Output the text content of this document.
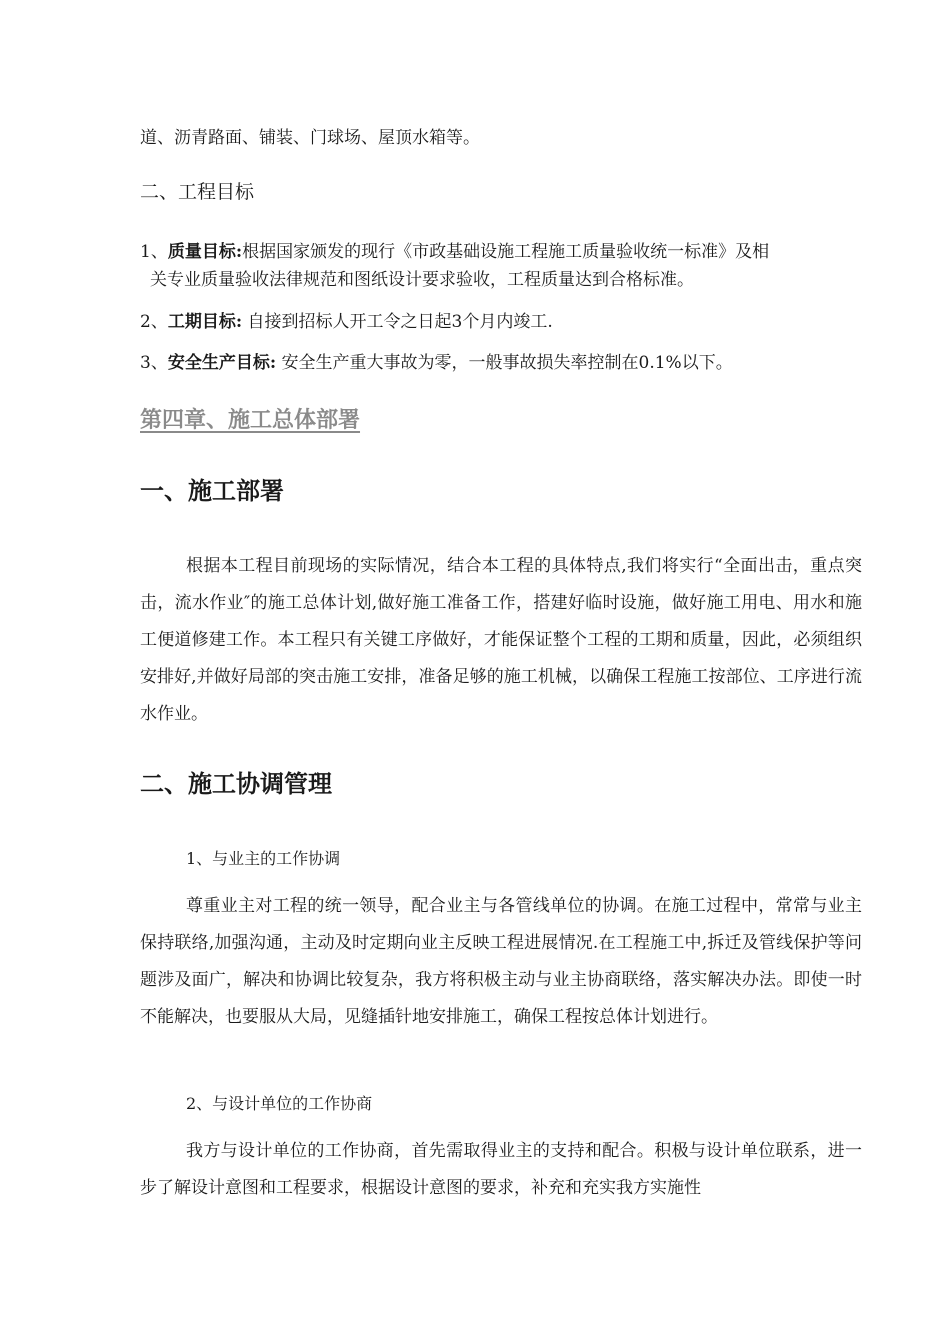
道、沥青路面、铺装、门球场、屋顶水箱等。
二、工程目标
1、质量目标:根据国家颁发的现行《市政基础设施工程施工质量验收统一标准》及相
关专业质量验收法律规范和图纸设计要求验收，工程质量达到合格标准。
2、工期目标: 自接到招标人开工令之日起3个月内竣工.
3、安全生产目标: 安全生产重大事故为零，一般事故损失率控制在0.1%以下。
第四章、施工总体部署
一、施工部署
根据本工程目前现场的实际情况，结合本工程的具体特点,我们将实行“全面出击，重点突击，流水作业″的施工总体计划,做好施工准备工作，搭建好临时设施，做好施工用电、用水和施工便道修建工作。本工程只有关键工序做好，才能保证整个工程的工期和质量，因此，必须组织安排好,并做好局部的突击施工安排，准备足够的施工机械，以确保工程施工按部位、工序进行流水作业。
二、施工协调管理
1、与业主的工作协调
尊重业主对工程的统一领导，配合业主与各管线单位的协调。在施工过程中，常常与业主保持联络,加强沟通，主动及时定期向业主反映工程进展情况.在工程施工中,拆迁及管线保护等问题涉及面广，解决和协调比较复杂，我方将积极主动与业主协商联络，落实解决办法。即使一时不能解决，也要服从大局，见缝插针地安排施工，确保工程按总体计划进行。
2、与设计单位的工作协商
我方与设计单位的工作协商，首先需取得业主的支持和配合。积极与设计单位联系，进一步了解设计意图和工程要求，根据设计意图的要求，补充和充实我方实施性
